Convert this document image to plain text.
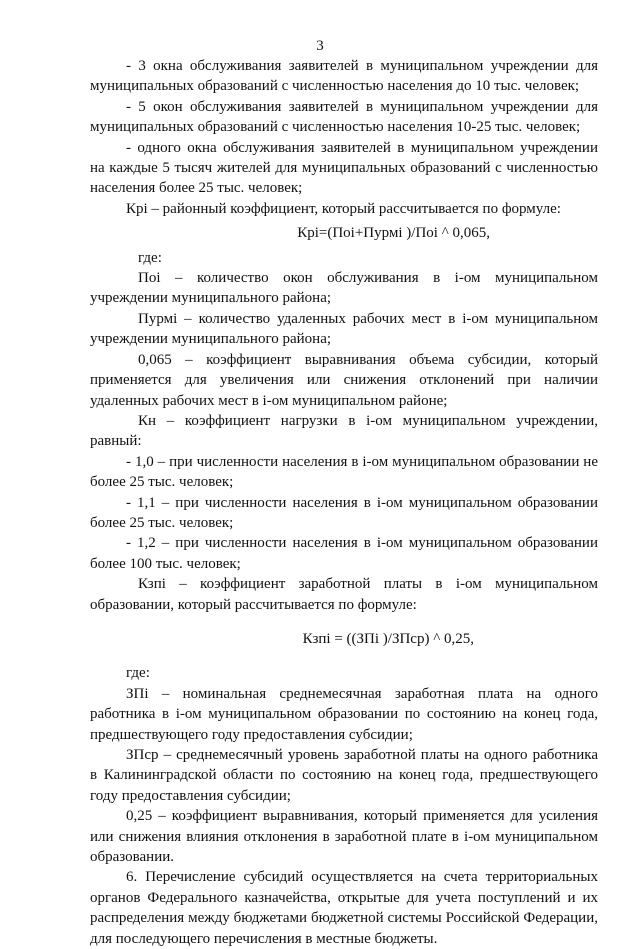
3

- 3 окна обслуживания заявителей в муниципальном учреждении для муниципальных образований с численностью населения до 10 тыс. человек;

- 5 окон обслуживания заявителей в муниципальном учреждении для муниципальных образований с численностью населения 10-25 тыс. человек;

- одного окна обслуживания заявителей в муниципальном учреждении на каждые 5 тысяч жителей для муниципальных образований с численностью населения более 25 тыс. человек;

Крi – районный коэффициент, который рассчитывается по формуле:

Крi=(Поi+Пурмi )/Поi ^ 0,065,

где:

Поi – количество окон обслуживания в i-ом муниципальном учреждении муниципального района;

Пурмi – количество удаленных рабочих мест в i-ом муниципальном учреждении муниципального района;

0,065 – коэффициент выравнивания объема субсидии, который применяется для увеличения или снижения отклонений при наличии удаленных рабочих мест в i-ом муниципальном районе;

Кн – коэффициент нагрузки в i-ом муниципальном учреждении, равный:

- 1,0 – при численности населения в i-ом муниципальном образовании не более 25 тыс. человек;

- 1,1 – при численности населения в i-ом муниципальном образовании более 25 тыс. человек;

- 1,2 – при численности населения в i-ом муниципальном образовании более 100 тыс. человек;

Кзпi – коэффициент заработной платы в i-ом муниципальном образовании, который рассчитывается по формуле:

Кзпi = ((ЗПi )/ЗПср) ^ 0,25,

где:

ЗПi – номинальная среднемесячная заработная плата на одного работника в i-ом муниципальном образовании по состоянию на конец года, предшествующего году предоставления субсидии;

ЗПср – среднемесячный уровень заработной платы на одного работника в Калининградской области по состоянию на конец года, предшествующего году предоставления субсидии;

0,25 – коэффициент выравнивания, который применяется для усиления или снижения влияния отклонения в заработной плате в i-ом муниципальном образовании.

6. Перечисление субсидий осуществляется на счета территориальных органов Федерального казначейства, открытые для учета поступлений и их распределения между бюджетами бюджетной системы Российской Федерации, для последующего перечисления в местные бюджеты.
